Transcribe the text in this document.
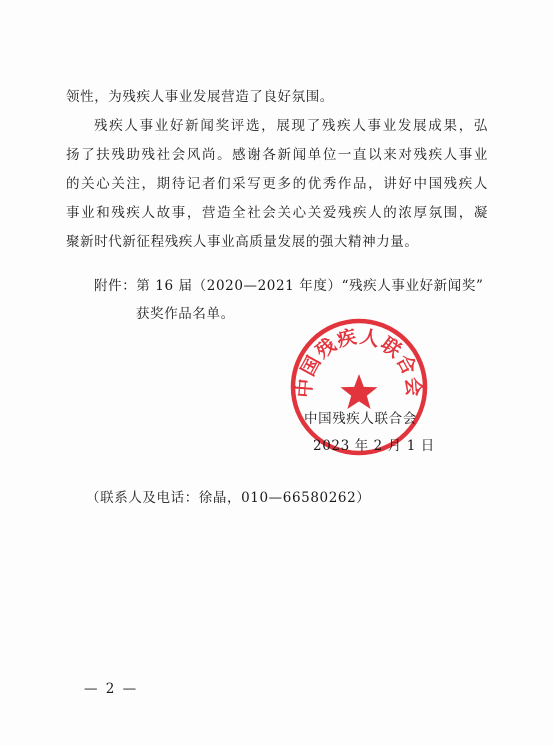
领性，为残疾人事业发展营造了良好氛围。
残疾人事业好新闻奖评选，展现了残疾人事业发展成果，弘
扬了扶残助残社会风尚。感谢各新闻单位一直以来对残疾人事业
的关心关注，期待记者们采写更多的优秀作品，讲好中国残疾人
事业和残疾人故事，营造全社会关心关爱残疾人的浓厚氛围，凝
聚新时代新征程残疾人事业高质量发展的强大精神力量。
附件：第 16 届（2020—2021 年度）“残疾人事业好新闻奖”
获奖作品名单。
中国残疾人联合会
中国残疾人联合会
2023 年 2 月 1 日
（联系人及电话：徐晶，010—66580262）
— 2 —
